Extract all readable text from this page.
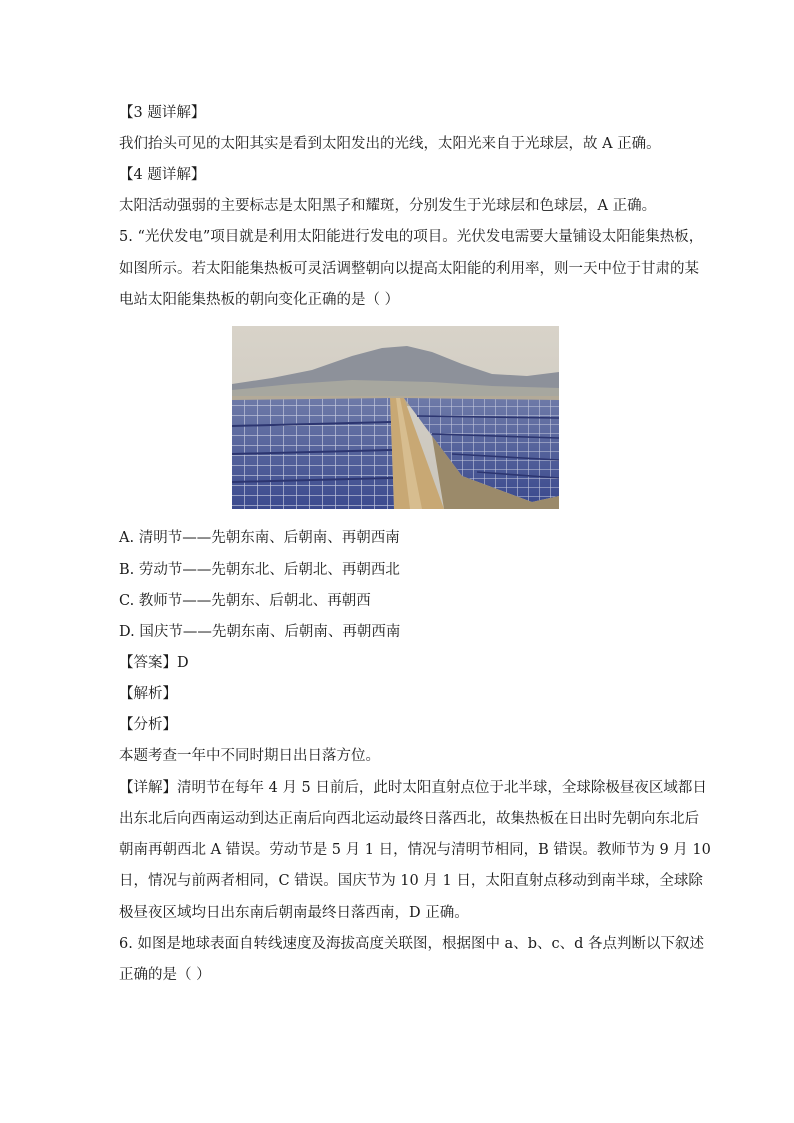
【3 题详解】
我们抬头可见的太阳其实是看到太阳发出的光线，太阳光来自于光球层，故 A 正确。
【4 题详解】
太阳活动强弱的主要标志是太阳黑子和耀斑，分别发生于光球层和色球层，A 正确。
5. “光伏发电”项目就是利用太阳能进行发电的项目。光伏发电需要大量铺设太阳能集热板，
如图所示。若太阳能集热板可灵活调整朝向以提高太阳能的利用率，则一天中位于甘肃的某
电站太阳能集热板的朝向变化正确的是（ ）
A. 清明节——先朝东南、后朝南、再朝西南
B. 劳动节——先朝东北、后朝北、再朝西北
C. 教师节——先朝东、后朝北、再朝西
D. 国庆节——先朝东南、后朝南、再朝西南
【答案】D
【解析】
【分析】
本题考查一年中不同时期日出日落方位。
【详解】清明节在每年 4 月 5 日前后，此时太阳直射点位于北半球，全球除极昼夜区域都日
出东北后向西南运动到达正南后向西北运动最终日落西北，故集热板在日出时先朝向东北后
朝南再朝西北 A 错误。劳动节是 5 月 1 日，情况与清明节相同，B 错误。教师节为 9 月 10
日，情况与前两者相同，C 错误。国庆节为 10 月 1 日，太阳直射点移动到南半球，全球除
极昼夜区域均日出东南后朝南最终日落西南，D 正确。
6. 如图是地球表面自转线速度及海拔高度关联图，根据图中 a、b、c、d 各点判断以下叙述
正确的是（ ）
